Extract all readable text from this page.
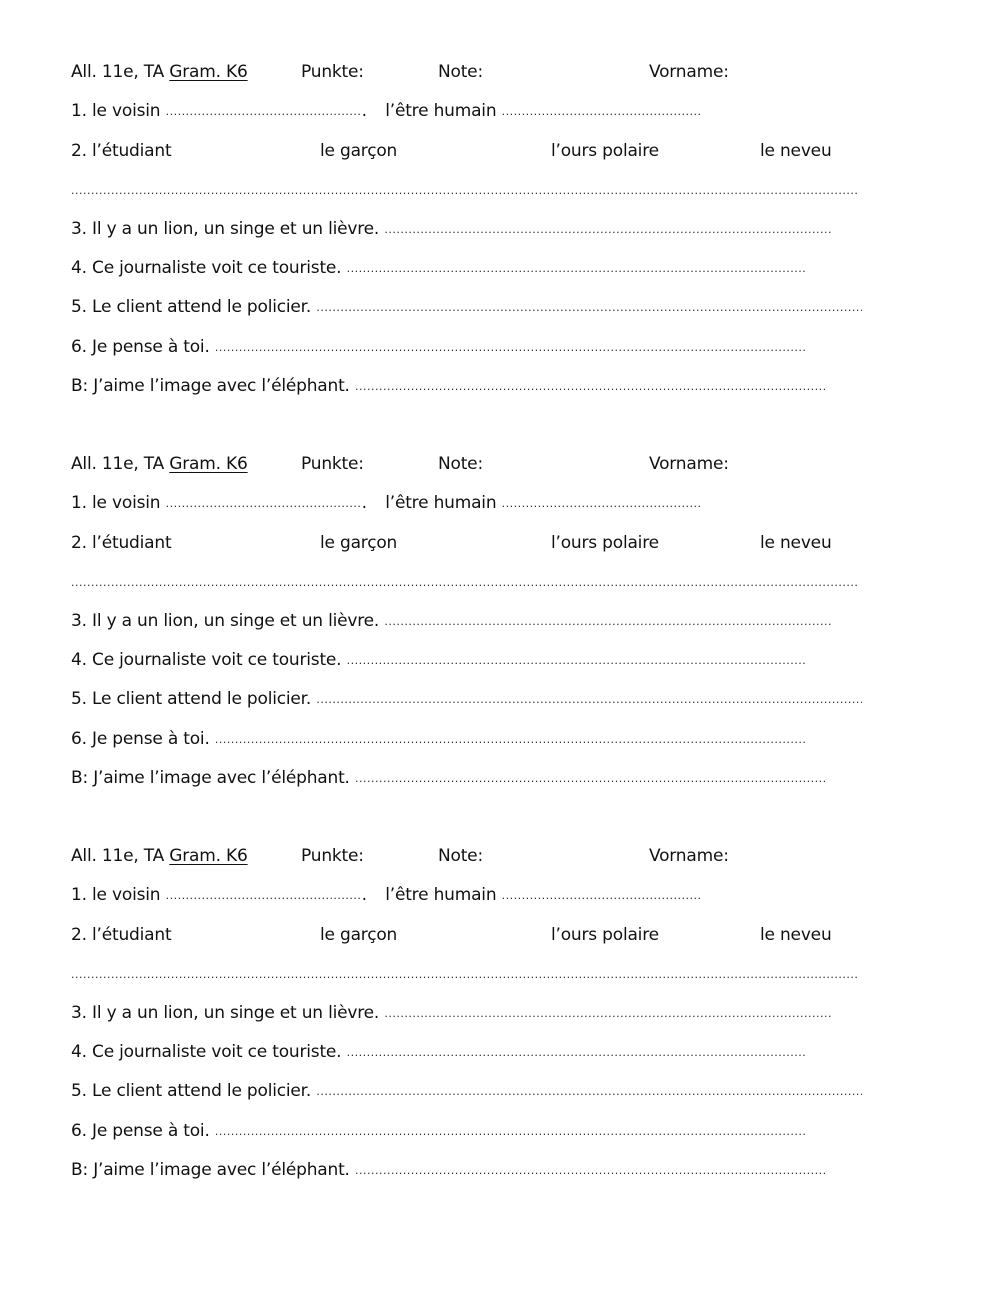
All. 11e, TA Gram. K6	Punkte:	Note:	Vorname:
1. le voisin .....	. l’être humain .....
2. l’étudiant	le garçon	l’ours polaire	le neveu
.....
3. Il y a un lion, un singe et un lièvre. .....
4. Ce journaliste voit ce touriste. .....
5. Le client attend le policier. .....
6. Je pense à toi. .....
B: J’aime l’image avec l’éléphant. .....
All. 11e, TA Gram. K6	Punkte:	Note:	Vorname:
1. le voisin .....	. l’être humain .....
2. l’étudiant	le garçon	l’ours polaire	le neveu
.....
3. Il y a un lion, un singe et un lièvre. .....
4. Ce journaliste voit ce touriste. .....
5. Le client attend le policier. .....
6. Je pense à toi. .....
B: J’aime l’image avec l’éléphant. .....
All. 11e, TA Gram. K6	Punkte:	Note:	Vorname:
1. le voisin .....	. l’être humain .....
2. l’étudiant	le garçon	l’ours polaire	le neveu
.....
3. Il y a un lion, un singe et un lièvre. .....
4. Ce journaliste voit ce touriste. .....
5. Le client attend le policier. .....
6. Je pense à toi. .....
B: J’aime l’image avec l’éléphant. .....
